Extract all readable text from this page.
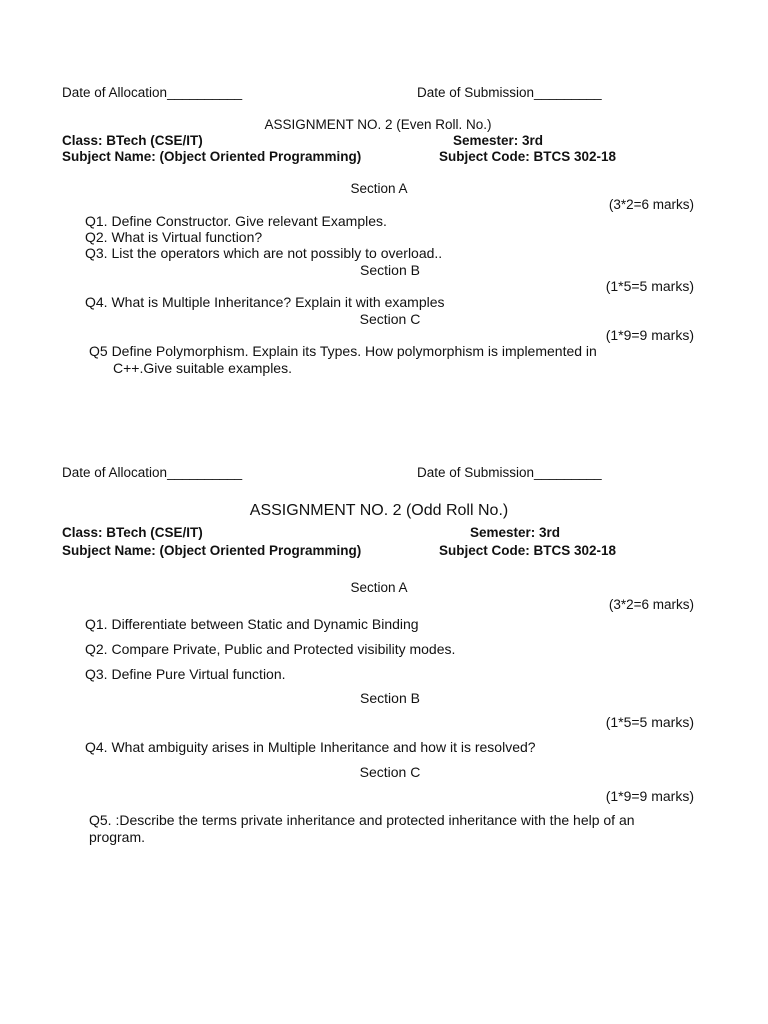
Date of Allocation__________	Date of Submission_________
ASSIGNMENT NO. 2 (Even Roll. No.)
Class: BTech (CSE/IT)	Semester: 3rd
Subject Name: (Object Oriented Programming)	Subject Code: BTCS 302-18
Section A
(3*2=6 marks)
Q1. Define Constructor. Give relevant Examples.
Q2. What is Virtual function?
Q3. List the operators which are not possibly to overload..
Section B
(1*5=5 marks)
Q4. What is Multiple Inheritance? Explain it with examples
Section C
(1*9=9 marks)
Q5 Define Polymorphism. Explain its Types. How polymorphism is implemented in
C++.Give suitable examples.
Date of Allocation__________	Date of Submission_________
ASSIGNMENT NO. 2 (Odd Roll No.)
Class: BTech (CSE/IT)	Semester: 3rd
Subject Name: (Object Oriented Programming)	Subject Code: BTCS 302-18
Section A
(3*2=6 marks)
Q1. Differentiate between Static and Dynamic Binding
Q2. Compare Private, Public and Protected visibility modes.
Q3. Define Pure Virtual function.
Section B
(1*5=5 marks)
Q4. What ambiguity arises in Multiple Inheritance and how it is resolved?
Section C
(1*9=9 marks)
Q5. :Describe the terms private inheritance and protected inheritance with the help of an
program.
